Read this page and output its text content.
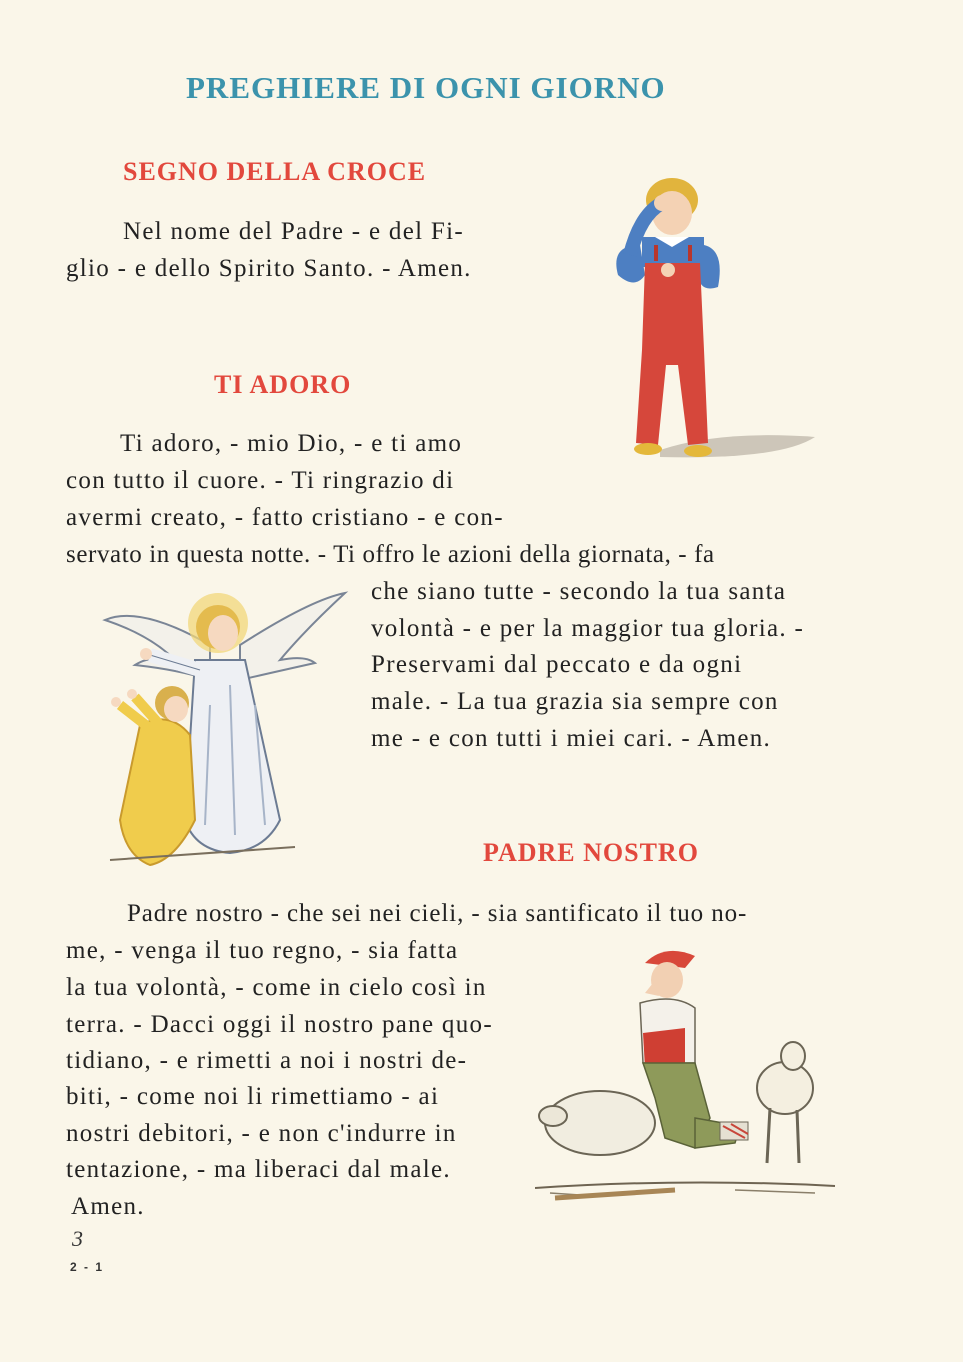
PREGHIERE DI OGNI GIORNO
SEGNO DELLA CROCE

Nel nome del Padre - e del Fi-

glio - e dello Spirito Santo. - Amen.

TI ADORO

Ti adoro, - mio Dio, - e ti amo

con tutto il cuore. - Ti ringrazio di

avermi creato, - fatto cristiano - e con-

servato in questa notte. - Ti offro le azioni della giornata, - fa

che siano tutte - secondo la tua santa

volontà - e per la maggior tua gloria. -

Preservami dal peccato e da ogni

male. - La tua grazia sia sempre con

me - e con tutti i miei cari. - Amen.

PADRE NOSTRO

Padre nostro - che sei nei cieli, - sia santificato il tuo no-

me, - venga il tuo regno, - sia fatta

la tua volontà, - come in cielo così in

terra. - Dacci oggi il nostro pane quo-

tidiano, - e rimetti a noi i nostri de-

biti, - come noi li rimettiamo - ai

nostri debitori, - e non c'indurre in

tentazione, - ma liberaci dal male.

Amen.

3

2 - 1
